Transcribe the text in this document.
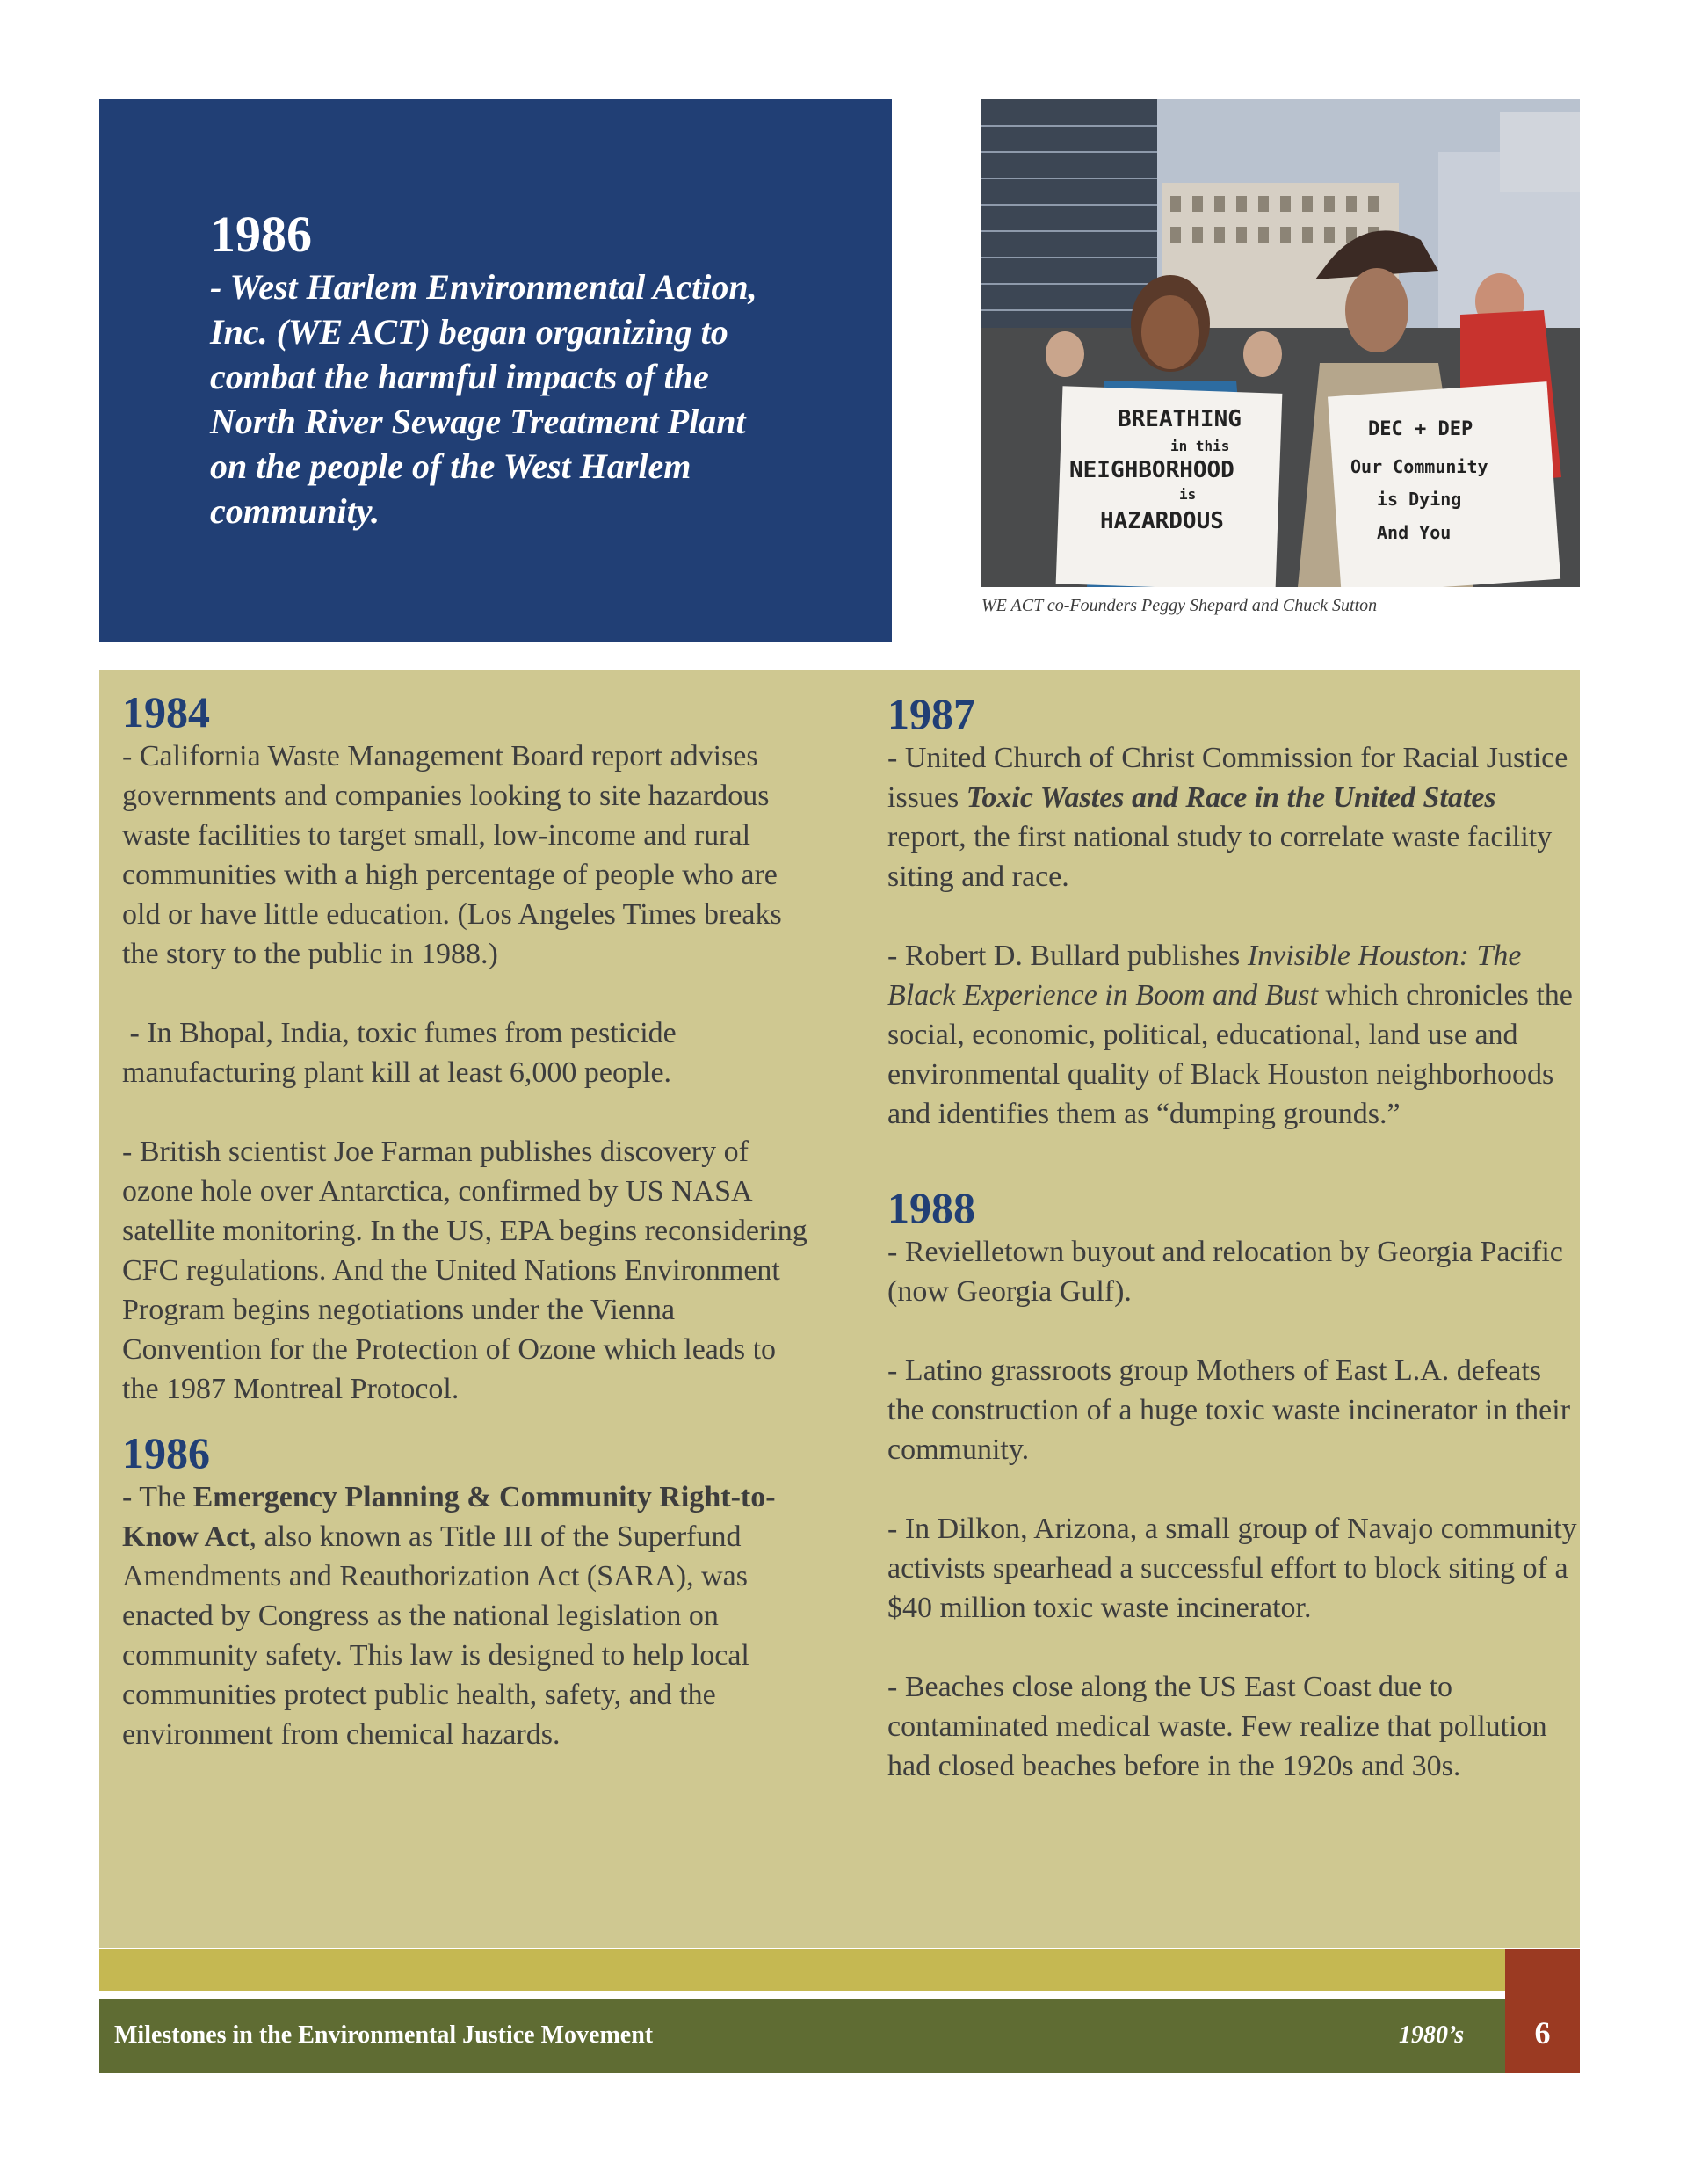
1986
- West Harlem Environmental Action, Inc. (WE ACT) began organizing to combat the harmful impacts of the North River Sewage Treatment Plant on the people of the West Harlem community.
BREATHING
in this
NEIGHBORHOOD
is
HAZARDOUS
DEC + DEP
Our Community
is Dying
And You
WE ACT co-Founders Peggy Shepard and Chuck Sutton
1984
- California Waste Management Board report advises governments and companies looking to site hazardous waste facilities to target small, low-income and rural communities with a high percentage of people who are old or have little education. (Los Angeles Times breaks the story to the public in 1988.)
- In Bhopal, India, toxic fumes from pesticide manufacturing plant kill at least 6,000 people.
- British scientist Joe Farman publishes discovery of ozone hole over Antarctica, confirmed by US NASA satellite monitoring. In the US, EPA begins reconsidering CFC regulations. And the United Nations Environment Program begins negotiations under the Vienna Convention for the Protection of Ozone which leads to the 1987 Montreal Protocol.
1986
- The Emergency Planning & Community Right-to-Know Act, also known as Title III of the Superfund Amendments and Reauthorization Act (SARA), was enacted by Congress as the national legislation on community safety. This law is designed to help local communities protect public health, safety, and the environment from chemical hazards.
1987
- United Church of Christ Commission for Racial Justice issues Toxic Wastes and Race in the United States report, the first national study to correlate waste facility siting and race.
- Robert D. Bullard publishes Invisible Houston: The Black Experience in Boom and Bust which chronicles the social, economic, political, educational, land use and environmental quality of Black Houston neighborhoods and identifies them as “dumping grounds.”
1988
- Revielletown buyout and relocation by Georgia Pacific (now Georgia Gulf).
- Latino grassroots group Mothers of East L.A. defeats the construction of a huge toxic waste incinerator in their community.
- In Dilkon, Arizona, a small group of Navajo community activists spearhead a successful effort to block siting of a $40 million toxic waste incinerator.
- Beaches close along the US East Coast due to contaminated medical waste. Few realize that pollution had closed beaches before in the 1920s and 30s.
Milestones in the Environmental Justice Movement	1980’s	6
